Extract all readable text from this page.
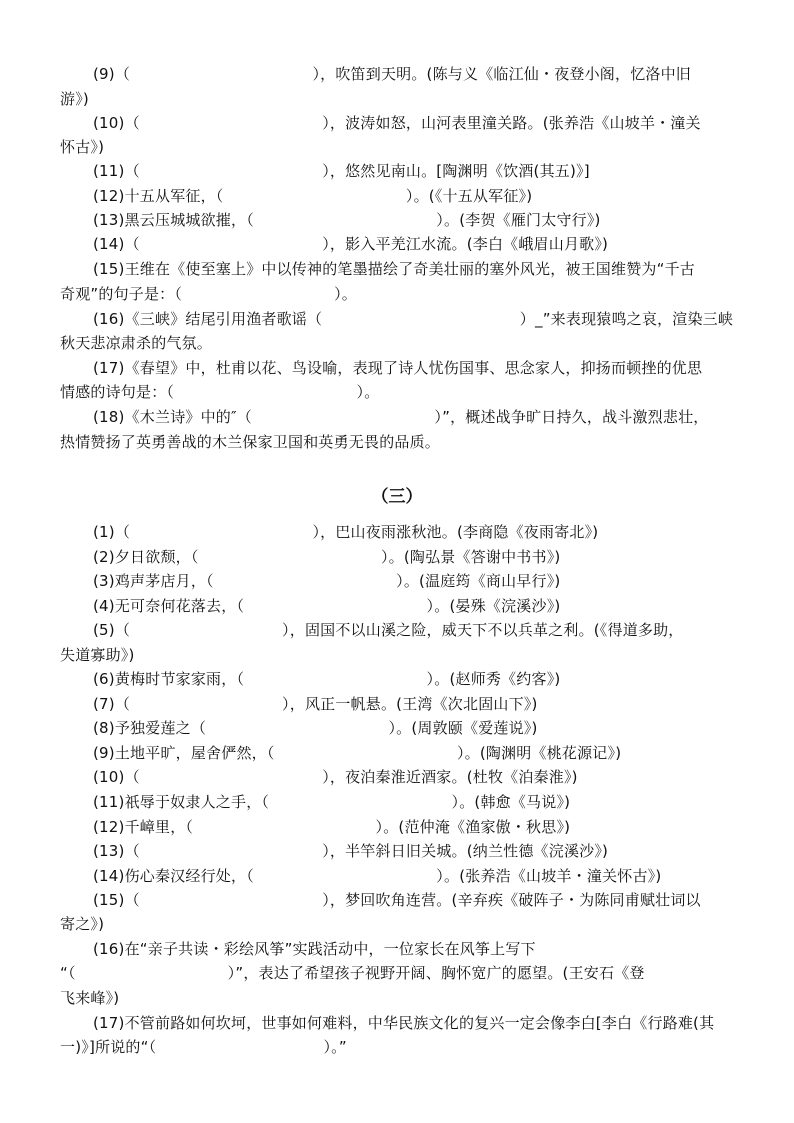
(9)（　　　　　　　　　　　　），吹笛到天明。(陈与义《临江仙・夜登小阁，忆洛中旧
游》)
(10)（　　　　　　　　　　　　），波涛如怒，山河表里潼关路。(张养浩《山坡羊・潼关
怀古》)
(11)（　　　　　　　　　　　　），悠然见南山。[陶渊明《饮酒(其五)》]
(12)十五从军征，（　　　　　　　　　　　　）。(《十五从军征》)
(13)黑云压城城欲摧，（　　　　　　　　　　　　）。(李贺《雁门太守行》)
(14)（　　　　　　　　　　　　），影入平羌江水流。(李白《峨眉山月歌》)
(15)王维在《使至塞上》中以传神的笔墨描绘了奇美壮丽的塞外风光，被王国维赞为“千古
奇观”的句子是：（　　　　　　　　　　）。
(16)《三峡》结尾引用渔者歌谣（　　　　　　　　　　　　　）_”来表现猿鸣之哀，渲染三峡
秋天悲凉肃杀的气氛。
(17)《春望》中，杜甫以花、鸟设喻，表现了诗人忧伤国事、思念家人，抑扬而顿挫的优思
情感的诗句是：（　　　　　　　　　　　　）。
(18)《木兰诗》中的″（　　　　　　　　　　　　）”，概述战争旷日持久，战斗激烈悲壮，
热情赞扬了英勇善战的木兰保家卫国和英勇无畏的品质。
（三）
(1)（　　　　　　　　　　　　），巴山夜雨涨秋池。(李商隐《夜雨寄北》)
(2)夕日欲颓，（　　　　　　　　　　　　）。(陶弘景《答谢中书书》)
(3)鸡声茅店月，（　　　　　　　　　　　　）。(温庭筠《商山早行》)
(4)无可奈何花落去，（　　　　　　　　　　　　）。(晏殊《浣溪沙》)
(5)（　　　　　　　　　　），固国不以山溪之险，威天下不以兵革之利。(《得道多助，
失道寡助》)
(6)黄梅时节家家雨，（　　　　　　　　　　　　）。(赵师秀《约客》)
(7)（　　　　　　　　　　），风正一帆悬。(王湾《次北固山下》)
(8)予独爱莲之（　　　　　　　　　　　　）。(周敦颐《爱莲说》)
(9)土地平旷，屋舍俨然，（　　　　　　　　　　　　）。(陶渊明《桃花源记》)
(10)（　　　　　　　　　　　　），夜泊秦淮近酒家。(杜牧《泊秦淮》)
(11)祇辱于奴隶人之手，（　　　　　　　　　　　　）。(韩愈《马说》)
(12)千嶂里，（　　　　　　　　　　　　）。(范仲淹《渔家傲・秋思》)
(13)（　　　　　　　　　　　　），半竿斜日旧关城。(纳兰性德《浣溪沙》)
(14)伤心秦汉经行处，（　　　　　　　　　　　　）。(张养浩《山坡羊・潼关怀古》)
(15)（　　　　　　　　　　　　），梦回吹角连营。(辛弃疾《破阵子・为陈同甫赋壮词以
寄之》)
(16)在“亲子共读・彩绘风筝”实践活动中，一位家长在风筝上写下
“（　　　　　　　　　　）”，表达了希望孩子视野开阔、胸怀宽广的愿望。(王安石《登
飞来峰》)
(17)不管前路如何坎坷，世事如何难料，中华民族文化的复兴一定会像李白[李白《行路难(其
一)》]所说的“（　　　　　　　　　　　）。”
